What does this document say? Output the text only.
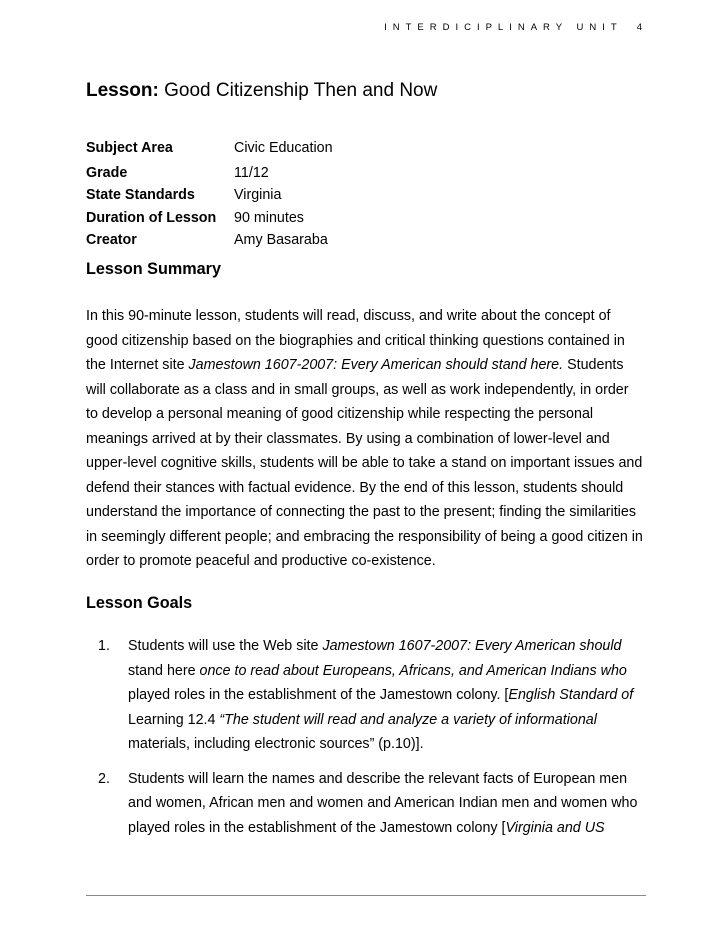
INTERDICIPLINARY UNIT 4
Lesson: Good Citizenship Then and Now
Subject Area	Civic Education
Grade	11/12
State Standards	Virginia
Duration of Lesson	90 minutes
Creator	Amy Basaraba
Lesson Summary
In this 90-minute lesson, students will read, discuss, and write about the concept of
good citizenship based on the biographies and critical thinking questions contained in
the Internet site Jamestown 1607-2007: Every American should stand here. Students
will collaborate as a class and in small groups, as well as work independently, in order
to develop a personal meaning of good citizenship while respecting the personal
meanings arrived at by their classmates. By using a combination of lower-level and
upper-level cognitive skills, students will be able to take a stand on important issues and
defend their stances with factual evidence. By the end of this lesson, students should
understand the importance of connecting the past to the present; finding the similarities
in seemingly different people; and embracing the responsibility of being a good citizen in
order to promote peaceful and productive co-existence.
Lesson Goals
1.	Students will use the Web site Jamestown 1607-2007: Every American should
stand here once to read about Europeans, Africans, and American Indians who
played roles in the establishment of the Jamestown colony. [English Standard of
Learning 12.4 “The student will read and analyze a variety of informational
materials, including electronic sources” (p.10)].
2.	Students will learn the names and describe the relevant facts of European men
and women, African men and women and American Indian men and women who
played roles in the establishment of the Jamestown colony [Virginia and US
